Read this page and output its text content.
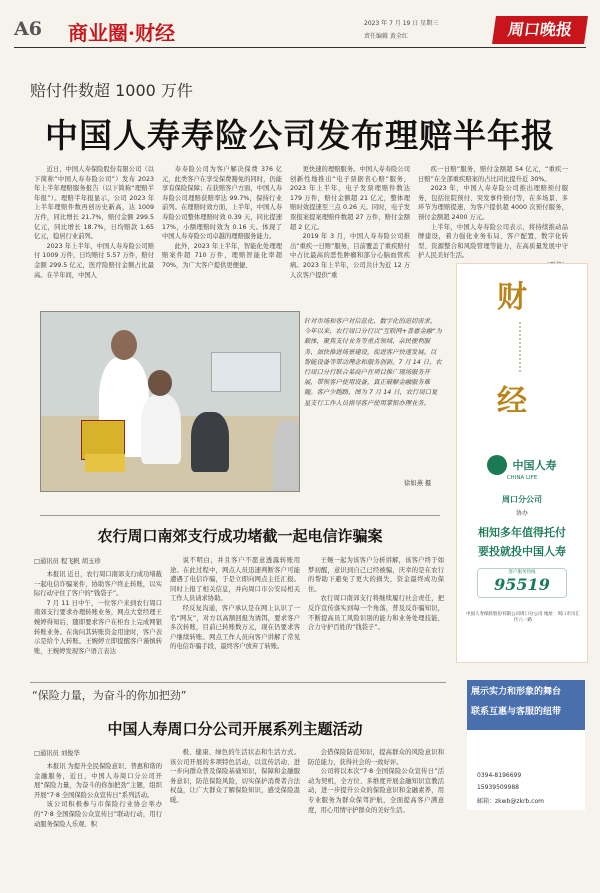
A6 商业圈·财经	2023 年 7 月 19 日 星期三
责任编辑 黄全红	周口晚报
赔付件数超 1000 万件
中国人寿寿险公司发布理赔半年报

近日，中国人寿保险股份有限公司（以下简称“中国人寿寿险公司”）发布 2023 年上半年理赔服务报告（以下简称“理赔半年报”）。理赔半年报显示，公司 2023 年上半年理赔件数再创历史新高，达 1009 万件，同比增长 21.7%，赔付金额 299.5 亿元，同比增长 18.7%，日均赔款 1.65 亿元，稳居行业前列。

2023 年上半年，中国人寿寿险公司赔付 1009 万件，日均赔付 5.57 万件，赔付金额 299.5 亿元，医疗险赔付金额占比最高。在半年间，中国人

寿寿险公司为客户解决保费 376 亿元，此类客户在享受保费豁免的同时，仍能享有保险保障；在获赔客户方面，中国人寿寿险公司理赔获赔率达 99.7%，保持行业前列。在理赔时效方面，上半年，中国人寿寿险公司整体理赔时效 0.39 天，同比提速 17%，小额理赔时效为 0.16 天。体现了中国人寿寿险公司卓越的理赔服务能力。

此外，2023 年上半年，智能化处理理赔案件超 710 万件，理赔智能化率超 70%，为广大客户提供更便捷、

更快速的理赔服务。中国人寿寿险公司创新性地推出“电子票据省心赔”服务，2023 年上半年，电子发票理赔件数达 179 万件，赔付金额超 21 亿元，整体理赔时效提速至三点 0.26 天。同时，电子发票报案提案理赔件数超 27 万件，赔付金额超 2 亿元。

2019 年 3 月，中国人寿寿险公司推出“重疾一日赔”服务，目前覆盖了重疾赔付中占比最高的恶性肿瘤和部分心脑血管疾病。2023 年上半年，公司共计为近 12 万人次客户提供“重

疾一日赔”服务，赔付金额超 54 亿元，“重疾一日赔”在全部重疾赔案的占比同比提升近 30%。

2023 年，中国人寿寿险公司推出理赔预付服务，包括住院预付、突发事件预付等，在多场景、多环节为理赔提速，为客户提供超 4000 次预付服务，预付金额超 2400 万元。

上半年，中国人寿寿险公司表示，将持续推动品牌建设，着力强化业务布局、客户配置、数字化转型、资源整合和风险管理等能力，在高质量发展中守护人民美好生活。

针对市场和客户对信息化、数字化的迫切需求，今年以来，农行周口分行以“互联网+普惠金融”为载体，聚焦支付业务等重点领域、亲民便利服务、加快推进场景建设，促进客户快速发展。以智能设备等带动理念和服务创新。7 月 14 日，农行周口分行联合某商户在项目推广现场服务开展，带领客户使用设备，真正破解金融服务难题。客户少跑路，图为 7 月 14 日，农行周口复星支行工作人员指导客户使用掌银办理业务。
徐如燕 摄
农行周口南郊支行成功堵截一起电信诈骗案
□通讯员 程飞帆 胡玉珍

本报讯 近日，农行周口南郊支行成功堵截一起电信诈骗案件，协助客户终止转账，以实际行动守住了客户的“钱袋子”。

7 月 11 日中午，一位客户来到农行周口南郊支行要求办理转账业务，网点大堂经理王婉婷得知后，随即要求客户在柜台上完成网银转账业务。在询问其转账资金用途时，客户表示是给个人转账。王婉婷立即提醒客户谨慎转账，王婉婷发现客户语言表达

说不明白，并且客户不愿意透露转账用途。在此过程中，网点人员迅速判断客户可能遭遇了电信诈骗，于是立即向网点主任汇报。同时上报了相关信息，并向周口市公安局相关工作人员请求协助。

经反复沟通，客户承认是在网上认识了一名“网友”，对方以高额回报为诱饵，要求客户多次转账，目前已转账数万元，现在仍要求客户继续转账。网点工作人员向客户讲解了常见的电信诈骗手段，最终客户放弃了转账。

王婉一起为该客户分析讲解，该客户终于如梦初醒，意识到自己已经被骗，庆幸的是在农行的帮助下避免了更大的损失，资金最终成功保住。

农行周口南郊支行将继续履行社会责任，把反诈宣传落实到每一个角落，普及反诈骗知识，不断提高员工风险识别的能力和业务处理技能，合力守护百姓的“钱袋子”。

“保险力量，为奋斗的你加把劲”
中国人寿周口分公司开展系列主题活动
□通讯员 刘俊华

本报讯 为提升全民保险意识、普惠和谐的金融服务，近日，中国人寿周口分公司开展“保险力量，为奋斗的你加把劲”主题，组织开展“7·8 全国保险公众宣传日”系列活动。

该公司积极参与市保险行业协会举办的“7·8 全国保险公众宣传日”联动行动，用行动服务保险人乐观、积

极、健康、绿色的生活状态和生活方式。该公司开展的多项特色活动，以宣传活动、进一步向群众普及保险基础知识，保障和金融服务意识，防范保险风险，切实保护消费者合法权益，让广大群众了解保险知识，感受保险温暖。

会借保险防范知识，提高群众的风险意识和防范能力，获得社会的一致好评。

公司将以本次“7·8 全国保险公众宣传日”活动为契机，全方位、多维度开展金融知识宣教活动，进一步提升公众的保险意识和金融素养，用专业服务为群众保驾护航，全面提高客户满意度，用心用情守护群众的美好生活。

财
经
中国人寿
CHINA LIFE
周口分公司
协办
相知多年值得托付
要投就投中国人寿
客户服务热线
95519
中国人寿保险股份有限公司周口分公司 地址：周口市川汇区八一路
展示实力和形象的舞台
联系互惠与客服的纽带
0394-8196699
15939509988
邮箱：zkwb@zkrb.com
